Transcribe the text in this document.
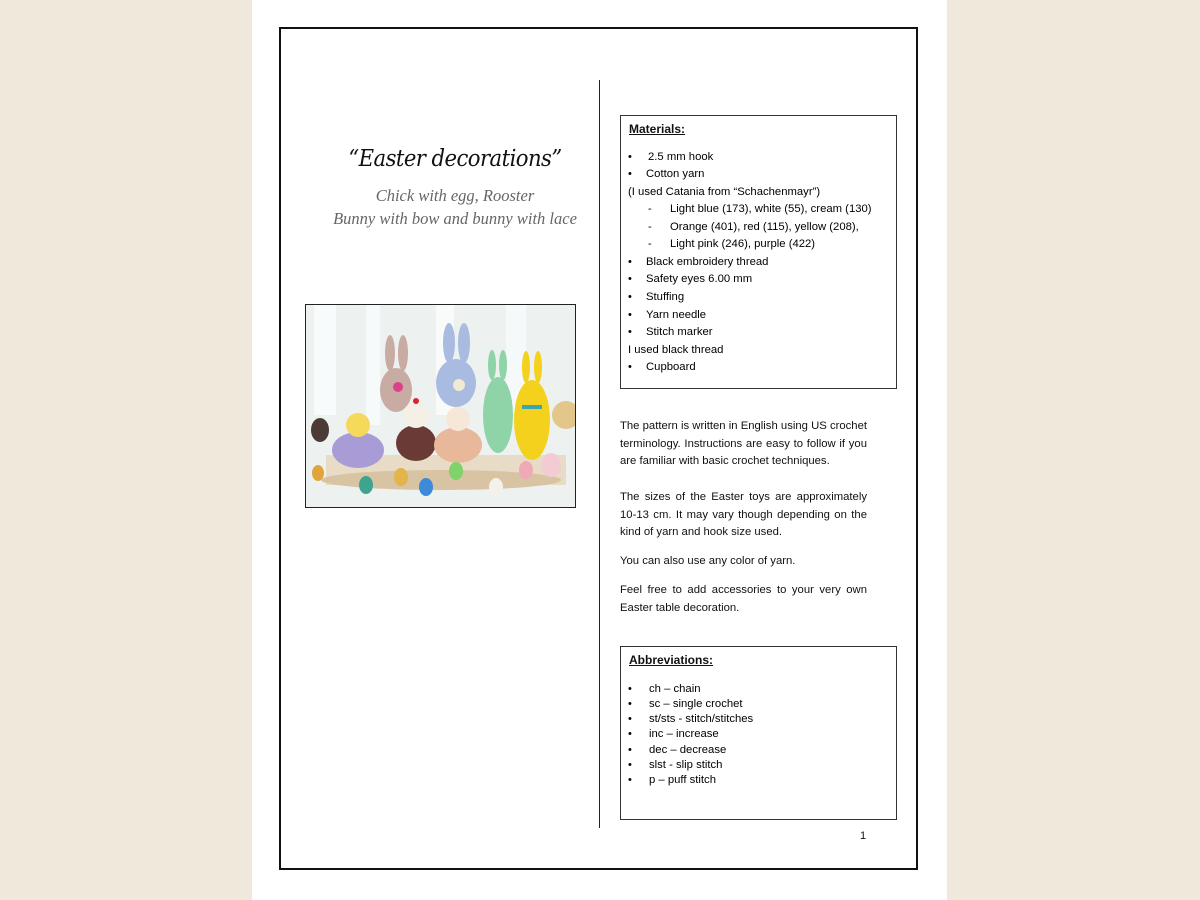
“Easter decorations”
Chick with egg, Rooster
Bunny with bow and bunny with lace
Materials:
• 2.5 mm hook
• Cotton yarn
(I used Catania from “Schachenmayr”)
- Light blue (173), white (55), cream (130)
- Orange (401), red (115), yellow (208),
- Light pink (246), purple (422)
• Black embroidery thread
• Safety eyes 6.00 mm
• Stuffing
• Yarn needle
• Stitch marker
I used black thread
• Cupboard

The pattern is written in English using US crochet terminology. Instructions are easy to follow if you are familiar with basic crochet techniques.

The sizes of the Easter toys are approximately 10-13 cm. It may vary though depending on the kind of yarn and hook size used.

You can also use any color of yarn.

Feel free to add accessories to your very own Easter table decoration.

Abbreviations:
• ch – chain
• sc – single crochet
• st/sts - stitch/stitches
• inc – increase
• dec – decrease
• slst - slip stitch
• p – puff stitch
1
